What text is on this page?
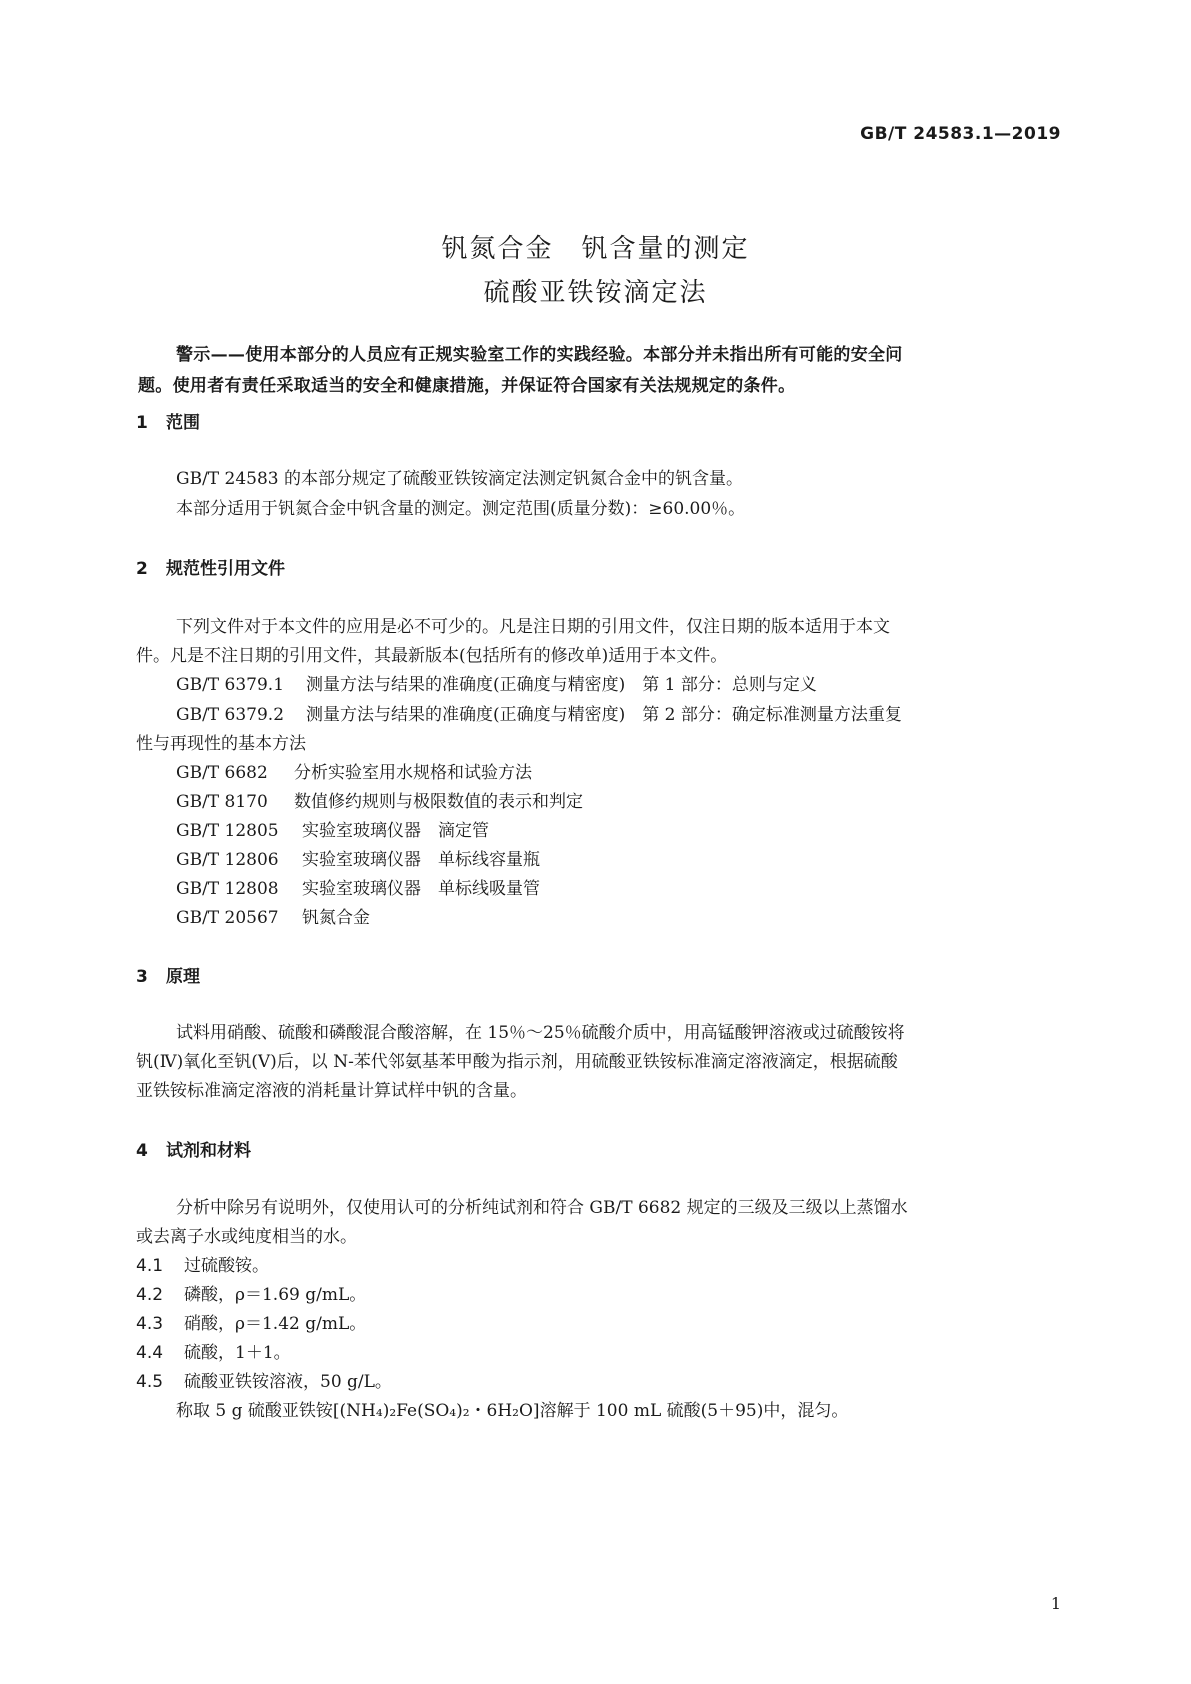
GB/T 24583.1—2019
钒氮合金　钒含量的测定
硫酸亚铁铵滴定法

警示——使用本部分的人员应有正规实验室工作的实践经验。本部分并未指出所有可能的安全问

题。使用者有责任采取适当的安全和健康措施，并保证符合国家有关法规规定的条件。

1 范围
GB/T 24583 的本部分规定了硫酸亚铁铵滴定法测定钒氮合金中的钒含量。
本部分适用于钒氮合金中钒含量的测定。测定范围(质量分数)：≥60.00％。
2 规范性引用文件
下列文件对于本文件的应用是必不可少的。凡是注日期的引用文件，仅注日期的版本适用于本文
件。凡是不注日期的引用文件，其最新版本(包括所有的修改单)适用于本文件。
GB/T 6379.1 测量方法与结果的准确度(正确度与精密度)　第 1 部分：总则与定义
GB/T 6379.2 测量方法与结果的准确度(正确度与精密度)　第 2 部分：确定标准测量方法重复
性与再现性的基本方法
GB/T 6682 分析实验室用水规格和试验方法
GB/T 8170 数值修约规则与极限数值的表示和判定
GB/T 12805 实验室玻璃仪器　滴定管
GB/T 12806 实验室玻璃仪器　单标线容量瓶
GB/T 12808 实验室玻璃仪器　单标线吸量管
GB/T 20567 钒氮合金
3 原理
试料用硝酸、硫酸和磷酸混合酸溶解，在 15％～25％硫酸介质中，用高锰酸钾溶液或过硫酸铵将
钒(Ⅳ)氧化至钒(Ⅴ)后，以 N-苯代邻氨基苯甲酸为指示剂，用硫酸亚铁铵标准滴定溶液滴定，根据硫酸
亚铁铵标准滴定溶液的消耗量计算试样中钒的含量。
4 试剂和材料
分析中除另有说明外，仅使用认可的分析纯试剂和符合 GB/T 6682 规定的三级及三级以上蒸馏水
或去离子水或纯度相当的水。
4.1 过硫酸铵。
4.2 磷酸，ρ＝1.69 g/mL。
4.3 硝酸，ρ＝1.42 g/mL。
4.4 硫酸，1＋1。
4.5 硫酸亚铁铵溶液，50 g/L。
称取 5 g 硫酸亚铁铵[(NH₄)₂Fe(SO₄)₂・6H₂O]溶解于 100 mL 硫酸(5＋95)中，混匀。
1
